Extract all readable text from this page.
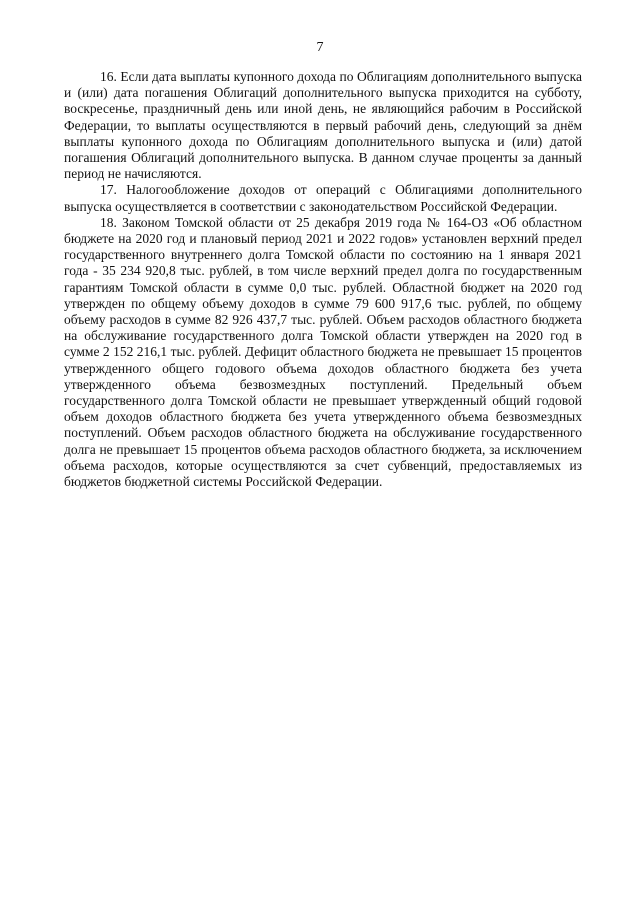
7

16. Если дата выплаты купонного дохода по Облигациям дополнительного выпуска и (или) дата погашения Облигаций дополнительного выпуска приходится на субботу, воскресенье, праздничный день или иной день, не являющийся рабочим в Российской Федерации, то выплаты осуществляются в первый рабочий день, следующий за днём выплаты купонного дохода по Облигациям дополнительного выпуска и (или) датой погашения Облигаций дополнительного выпуска. В данном случае проценты за данный период не начисляются.

17. Налогообложение доходов от операций с Облигациями дополнительного выпуска осуществляется в соответствии с законодательством Российской Федерации.

18. Законом Томской области от 25 декабря 2019 года № 164-ОЗ «Об областном бюджете на 2020 год и плановый период 2021 и 2022 годов» установлен верхний предел государственного внутреннего долга Томской области по состоянию на 1 января 2021 года - 35 234 920,8 тыс. рублей, в том числе верхний предел долга по государственным гарантиям Томской области в сумме 0,0 тыс. рублей. Областной бюджет на 2020 год утвержден по общему объему доходов в сумме 79 600 917,6 тыс. рублей, по общему объему расходов в сумме 82 926 437,7 тыс. рублей. Объем расходов областного бюджета на обслуживание государственного долга Томской области утвержден на 2020 год в сумме 2 152 216,1 тыс. рублей. Дефицит областного бюджета не превышает 15 процентов утвержденного общего годового объема доходов областного бюджета без учета утвержденного объема безвозмездных поступлений. Предельный объем государственного долга Томской области не превышает утвержденный общий годовой объем доходов областного бюджета без учета утвержденного объема безвозмездных поступлений. Объем расходов областного бюджета на обслуживание государственного долга не превышает 15 процентов объема расходов областного бюджета, за исключением объема расходов, которые осуществляются за счет субвенций, предоставляемых из бюджетов бюджетной системы Российской Федерации.
